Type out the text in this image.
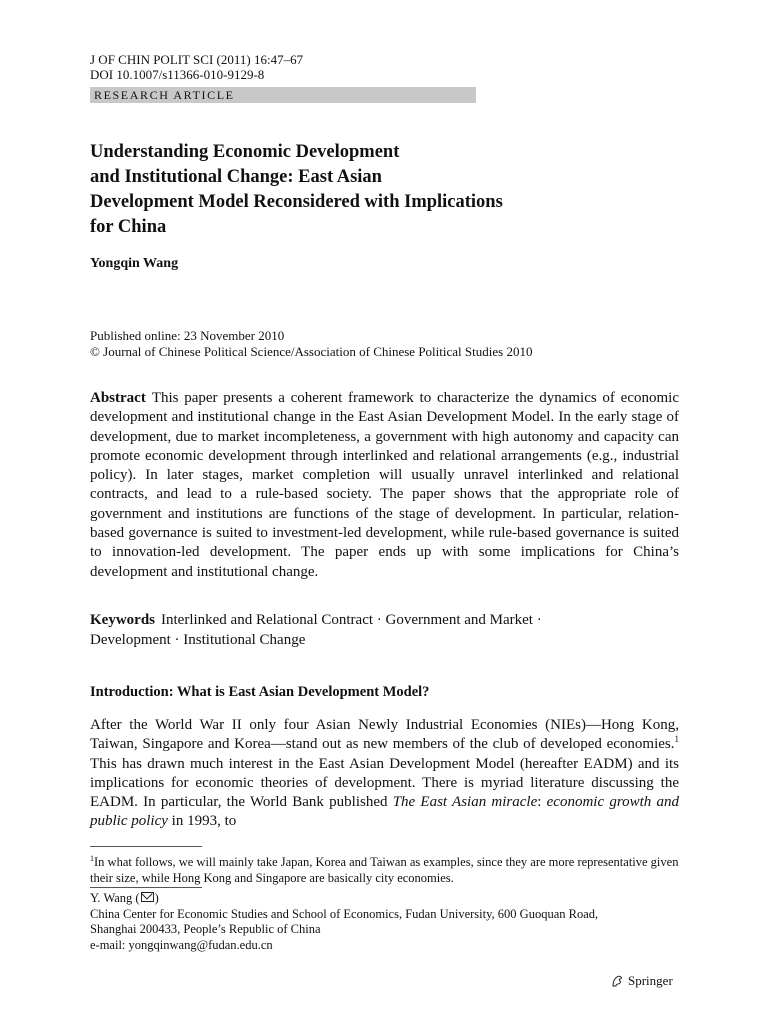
J OF CHIN POLIT SCI (2011) 16:47–67
DOI 10.1007/s11366-010-9129-8
RESEARCH ARTICLE
Understanding Economic Development
and Institutional Change: East Asian
Development Model Reconsidered with Implications
for China
Yongqin Wang
Published online: 23 November 2010
© Journal of Chinese Political Science/Association of Chinese Political Studies 2010
Abstract This paper presents a coherent framework to characterize the dynamics of economic development and institutional change in the East Asian Development Model. In the early stage of development, due to market incompleteness, a government with high autonomy and capacity can promote economic development through interlinked and relational arrangements (e.g., industrial policy). In later stages, market completion will usually unravel interlinked and relational contracts, and lead to a rule-based society. The paper shows that the appropriate role of government and institutions are functions of the stage of development. In particular, relation-based governance is suited to investment-led development, while rule-based governance is suited to innovation-led development. The paper ends up with some implications for China’s development and institutional change.
Keywords Interlinked and Relational Contract · Government and Market ·
Development · Institutional Change
Introduction: What is East Asian Development Model?
After the World War II only four Asian Newly Industrial Economies (NIEs)—Hong Kong, Taiwan, Singapore and Korea—stand out as new members of the club of developed economies.$^1$ This has drawn much interest in the East Asian Development Model (hereafter EADM) and its implications for economic theories of development. There is myriad literature discussing the EADM. In particular, the World Bank published The East Asian miracle: economic growth and public policy in 1993, to
$^1$In what follows, we will mainly take Japan, Korea and Taiwan as examples, since they are more representative given their size, while Hong Kong and Singapore are basically city economies.
Y. Wang ( )
China Center for Economic Studies and School of Economics, Fudan University, 600 Guoquan Road,
Shanghai 200433, People’s Republic of China
e-mail: yongqinwang@fudan.edu.cn
Springer
